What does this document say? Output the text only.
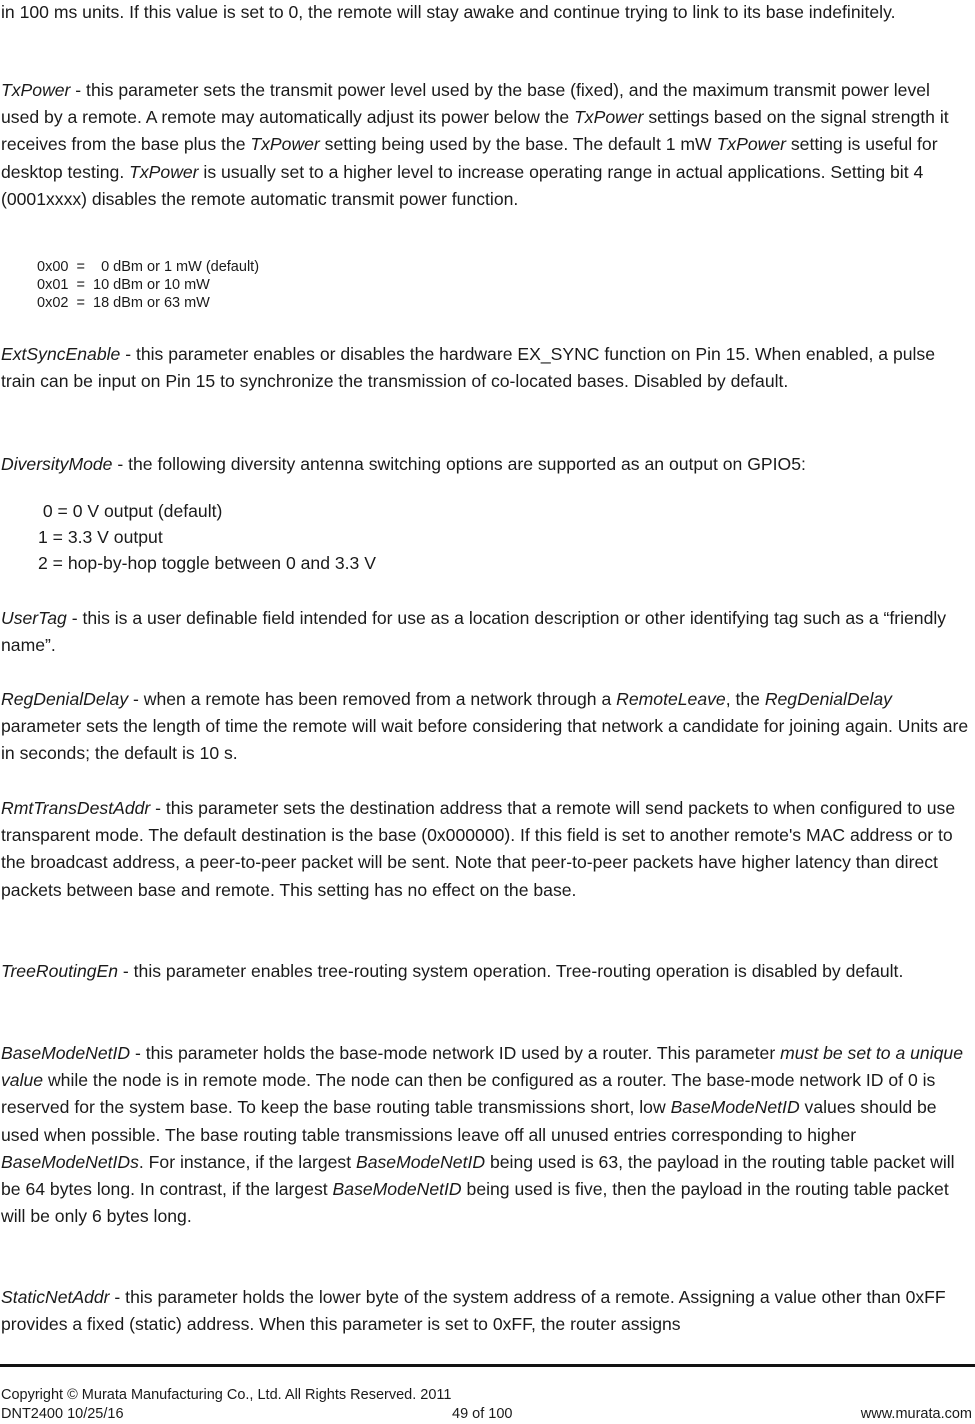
in 100 ms units. If this value is set to 0, the remote will stay awake and continue trying to link to its base indefinitely.

TxPower - this parameter sets the transmit power level used by the base (fixed), and the maximum transmit power level used by a remote. A remote may automatically adjust its power below the TxPower settings based on the signal strength it receives from the base plus the TxPower setting being used by the base. The default 1 mW TxPower setting is useful for desktop testing. TxPower is usually set to a higher level to increase operating range in actual applications. Setting bit 4 (0001xxxx) disables the remote automatic transmit power function.

0x00  =    0 dBm or 1 mW (default)

0x01  =  10 dBm or 10 mW

0x02  =  18 dBm or 63 mW

ExtSyncEnable - this parameter enables or disables the hardware EX_SYNC function on Pin 15. When enabled, a pulse train can be input on Pin 15 to synchronize the transmission of co-located bases. Disabled by default.

DiversityMode - the following diversity antenna switching options are supported as an output on GPIO5:

0 = 0 V output (default)

1 = 3.3 V output

2 = hop-by-hop toggle between 0 and 3.3 V

UserTag - this is a user definable field intended for use as a location description or other identifying tag such as a “friendly name”.

RegDenialDelay - when a remote has been removed from a network through a RemoteLeave, the RegDenialDelay parameter sets the length of time the remote will wait before considering that network a candidate for joining again. Units are in seconds; the default is 10 s.

RmtTransDestAddr - this parameter sets the destination address that a remote will send packets to when configured to use transparent mode. The default destination is the base (0x000000). If this field is set to another remote's MAC address or to the broadcast address, a peer-to-peer packet will be sent. Note that peer-to-peer packets have higher latency than direct packets between base and remote. This setting has no effect on the base.

TreeRoutingEn - this parameter enables tree-routing system operation. Tree-routing operation is disabled by default.

BaseModeNetID - this parameter holds the base-mode network ID used by a router. This parameter must be set to a unique value while the node is in remote mode. The node can then be configured as a router. The base-mode network ID of 0 is reserved for the system base. To keep the base routing table transmissions short, low BaseModeNetID values should be used when possible. The base routing table transmissions leave off all unused entries corresponding to higher BaseModeNetIDs. For instance, if the largest BaseModeNetID being used is 63, the payload in the routing table packet will be 64 bytes long. In contrast, if the largest BaseModeNetID being used is five, then the payload in the routing table packet will be only 6 bytes long.

StaticNetAddr - this parameter holds the lower byte of the system address of a remote. Assigning a value other than 0xFF provides a fixed (static) address. When this parameter is set to 0xFF, the router assigns

Copyright © Murata Manufacturing Co., Ltd. All Rights Reserved. 2011
DNT2400 10/25/16	49 of 100	www.murata.com
